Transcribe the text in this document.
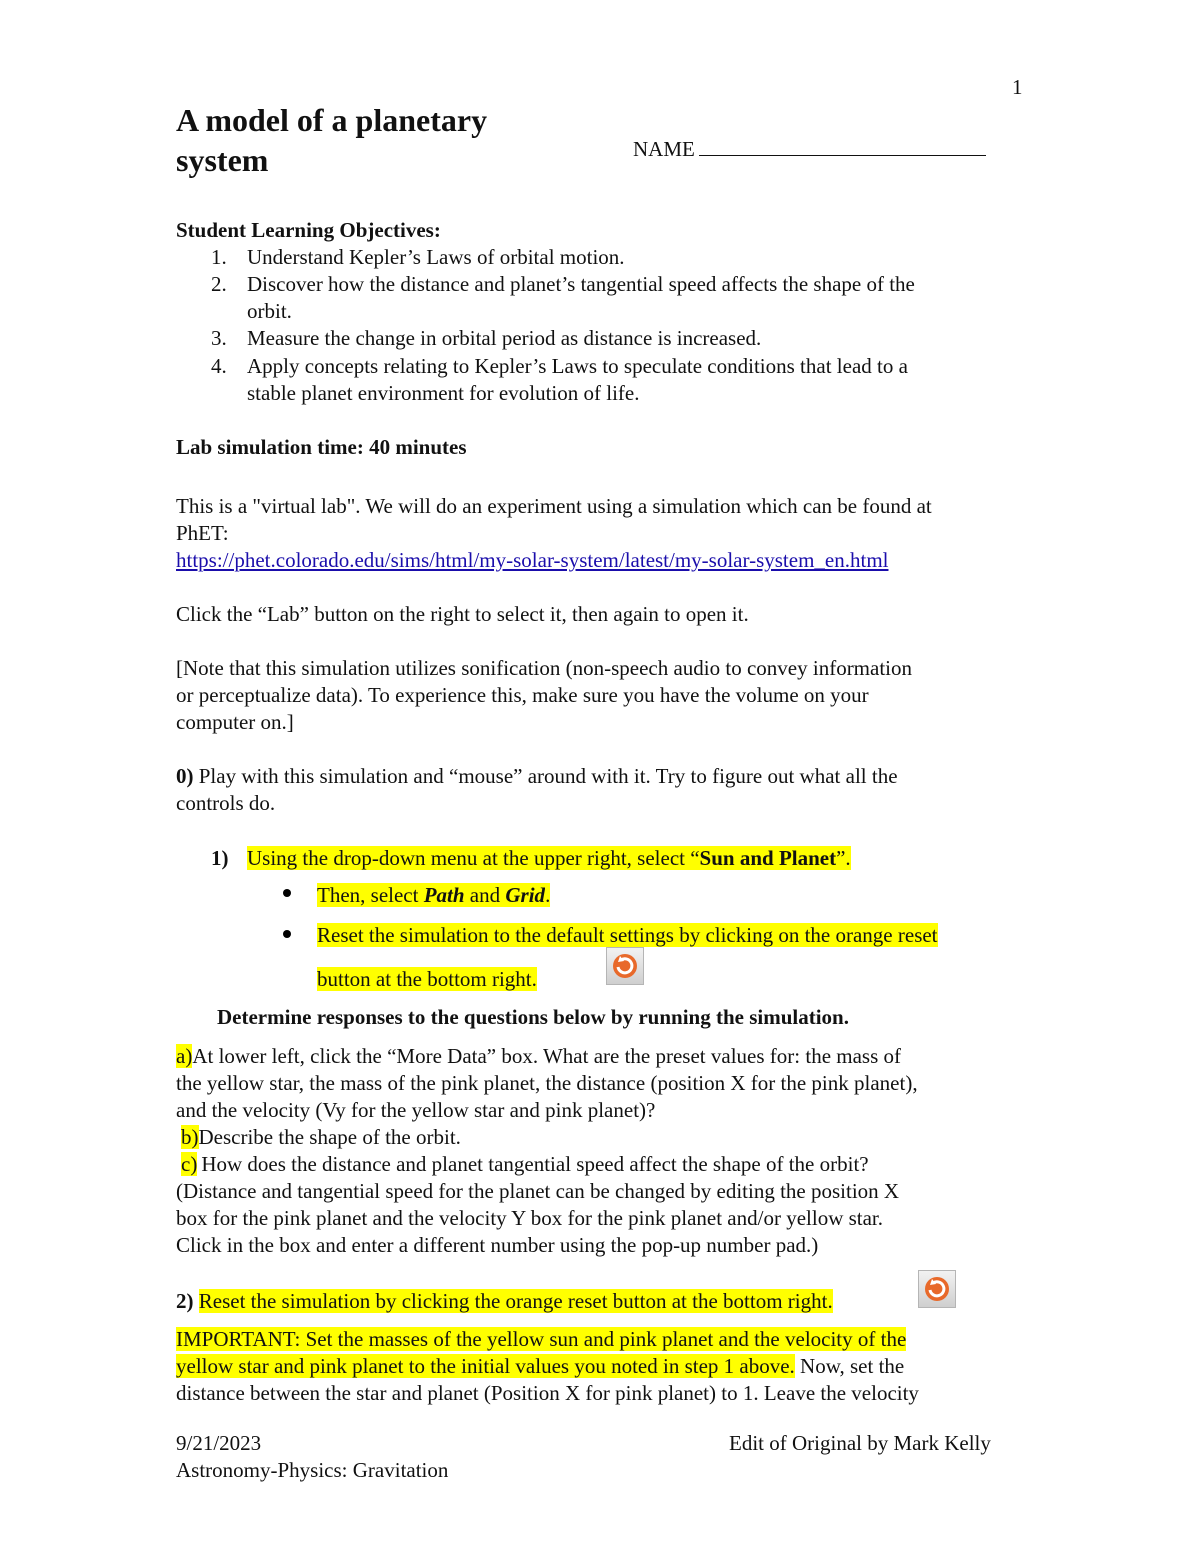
1
A model of a planetary
system	NAME
Student Learning Objectives:
1. Understand Kepler’s Laws of orbital motion.
2. Discover how the distance and planet’s tangential speed affects the shape of the
orbit.
3. Measure the change in orbital period as distance is increased.
4. Apply concepts relating to Kepler’s Laws to speculate conditions that lead to a
stable planet environment for evolution of life.
Lab simulation time: 40 minutes
This is a "virtual lab". We will do an experiment using a simulation which can be found at
PhET:
https://phet.colorado.edu/sims/html/my-solar-system/latest/my-solar-system_en.html
Click the “Lab” button on the right to select it, then again to open it.
[Note that this simulation utilizes sonification (non-speech audio to convey information
or perceptualize data). To experience this, make sure you have the volume on your
computer on.]
0) Play with this simulation and “mouse” around with it. Try to figure out what all the
controls do.
1) Using the drop-down menu at the upper right, select “Sun and Planet”.
Then, select Path and Grid.
Reset the simulation to the default settings by clicking on the orange reset
button at the bottom right.
Determine responses to the questions below by running the simulation.
a)At lower left, click the “More Data” box. What are the preset values for: the mass of
the yellow star, the mass of the pink planet, the distance (position X for the pink planet),
and the velocity (Vy for the yellow star and pink planet)?
b)Describe the shape of the orbit.
c) How does the distance and planet tangential speed affect the shape of the orbit?
(Distance and tangential speed for the planet can be changed by editing the position X
box for the pink planet and the velocity Y box for the pink planet and/or yellow star.
Click in the box and enter a different number using the pop-up number pad.)
2) Reset the simulation by clicking the orange reset button at the bottom right.
IMPORTANT: Set the masses of the yellow sun and pink planet and the velocity of the
yellow star and pink planet to the initial values you noted in step 1 above. Now, set the
distance between the star and planet (Position X for pink planet) to 1. Leave the velocity
9/21/2023	Edit of Original by Mark Kelly
Astronomy-Physics: Gravitation
